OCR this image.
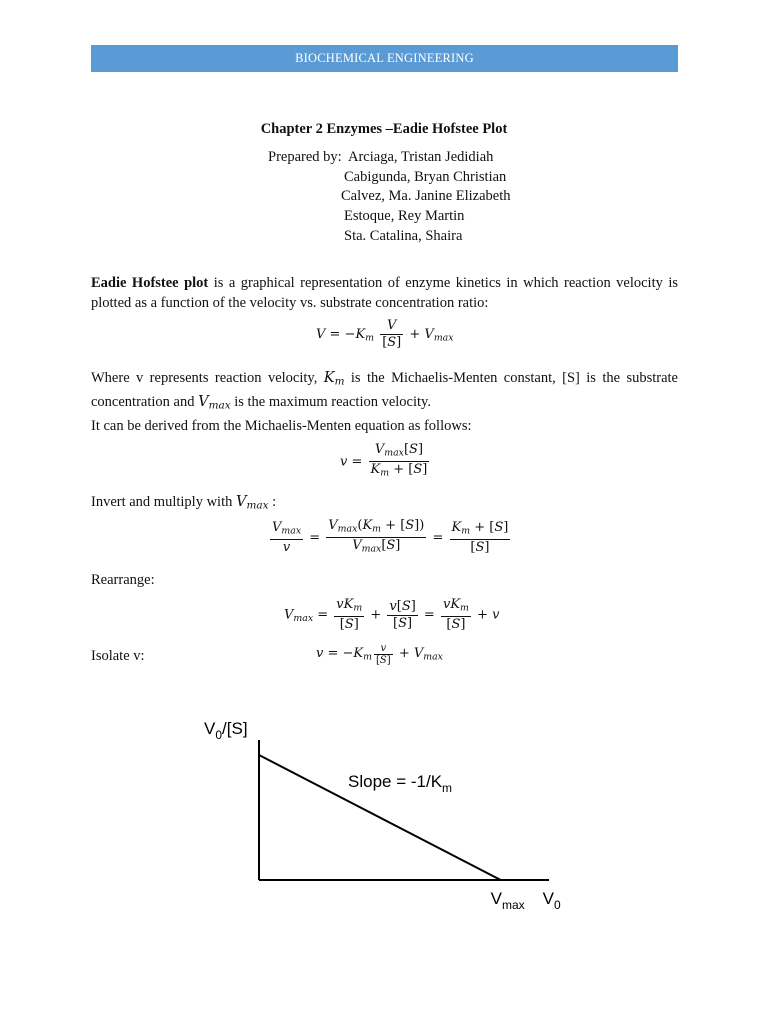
BIOCHEMICAL ENGINEERING
Chapter 2 Enzymes –Eadie Hofstee Plot
Prepared by: Arciaga, Tristan Jedidiah
Cabigunda, Bryan Christian
Calvez, Ma. Janine Elizabeth
Estoque, Rey Martin
Sta. Catalina, Shaira
Eadie Hofstee plot is a graphical representation of enzyme kinetics in which reaction velocity is plotted as a function of the velocity vs. substrate concentration ratio:
$V = -K_m \frac{V}{[S]} + V_{max}$
Where v represents reaction velocity, $K_m$ is the Michaelis-Menten constant, [S] is the substrate concentration and $V_{max}$ is the maximum reaction velocity.
It can be derived from the Michaelis-Menten equation as follows:
$v = \frac{V_{max}[S]}{K_m + [S]}$
Invert and multiply with $V_{max}$ :
$\frac{V_{max}}{v} = \frac{V_{max}(K_m + [S])}{V_{max}[S]} = \frac{K_m + [S]}{[S]}$
Rearrange:
$V_{max} = \frac{vK_m}{[S]} + \frac{v[S]}{[S]} = \frac{vK_m}{[S]} + v$
Isolate v:	$v = -K_m \frac{v}{[S]} + V_{max}$
$V_0/[S]$
Slope = $-1/K_m$
$V_{max}$ $V_0$
